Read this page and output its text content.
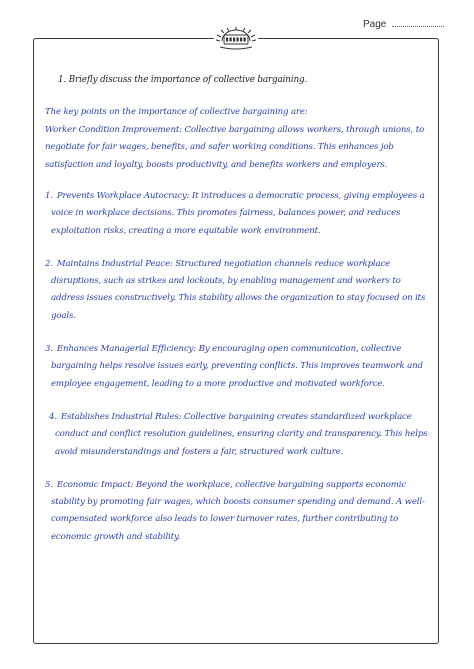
Page

1. Briefly discuss the importance of collective bargaining.

The key points on the importance of collective bargaining are:

Worker Condition Improvement: Collective bargaining allows workers, through unions, to negotiate for fair wages, benefits, and safer working conditions. This enhances job satisfaction and loyalty, boosts productivity, and benefits workers and employers.

1. Prevents Workplace Autocracy: It introduces a democratic process, giving employees a voice in workplace decisions. This promotes fairness, balances power, and reduces exploitation risks, creating a more equitable work environment.
2. Maintains Industrial Peace: Structured negotiation channels reduce workplace disruptions, such as strikes and lockouts, by enabling management and workers to address issues constructively. This stability allows the organization to stay focused on its goals.
3. Enhances Managerial Efficiency: By encouraging open communication, collective bargaining helps resolve issues early, preventing conflicts. This improves teamwork and employee engagement, leading to a more productive and motivated workforce.
4. Establishes Industrial Rules: Collective bargaining creates standardized workplace conduct and conflict resolution guidelines, ensuring clarity and transparency. This helps avoid misunderstandings and fosters a fair, structured work culture.
5. Economic Impact: Beyond the workplace, collective bargaining supports economic stability by promoting fair wages, which boosts consumer spending and demand. A well-compensated workforce also leads to lower turnover rates, further contributing to economic growth and stability.
